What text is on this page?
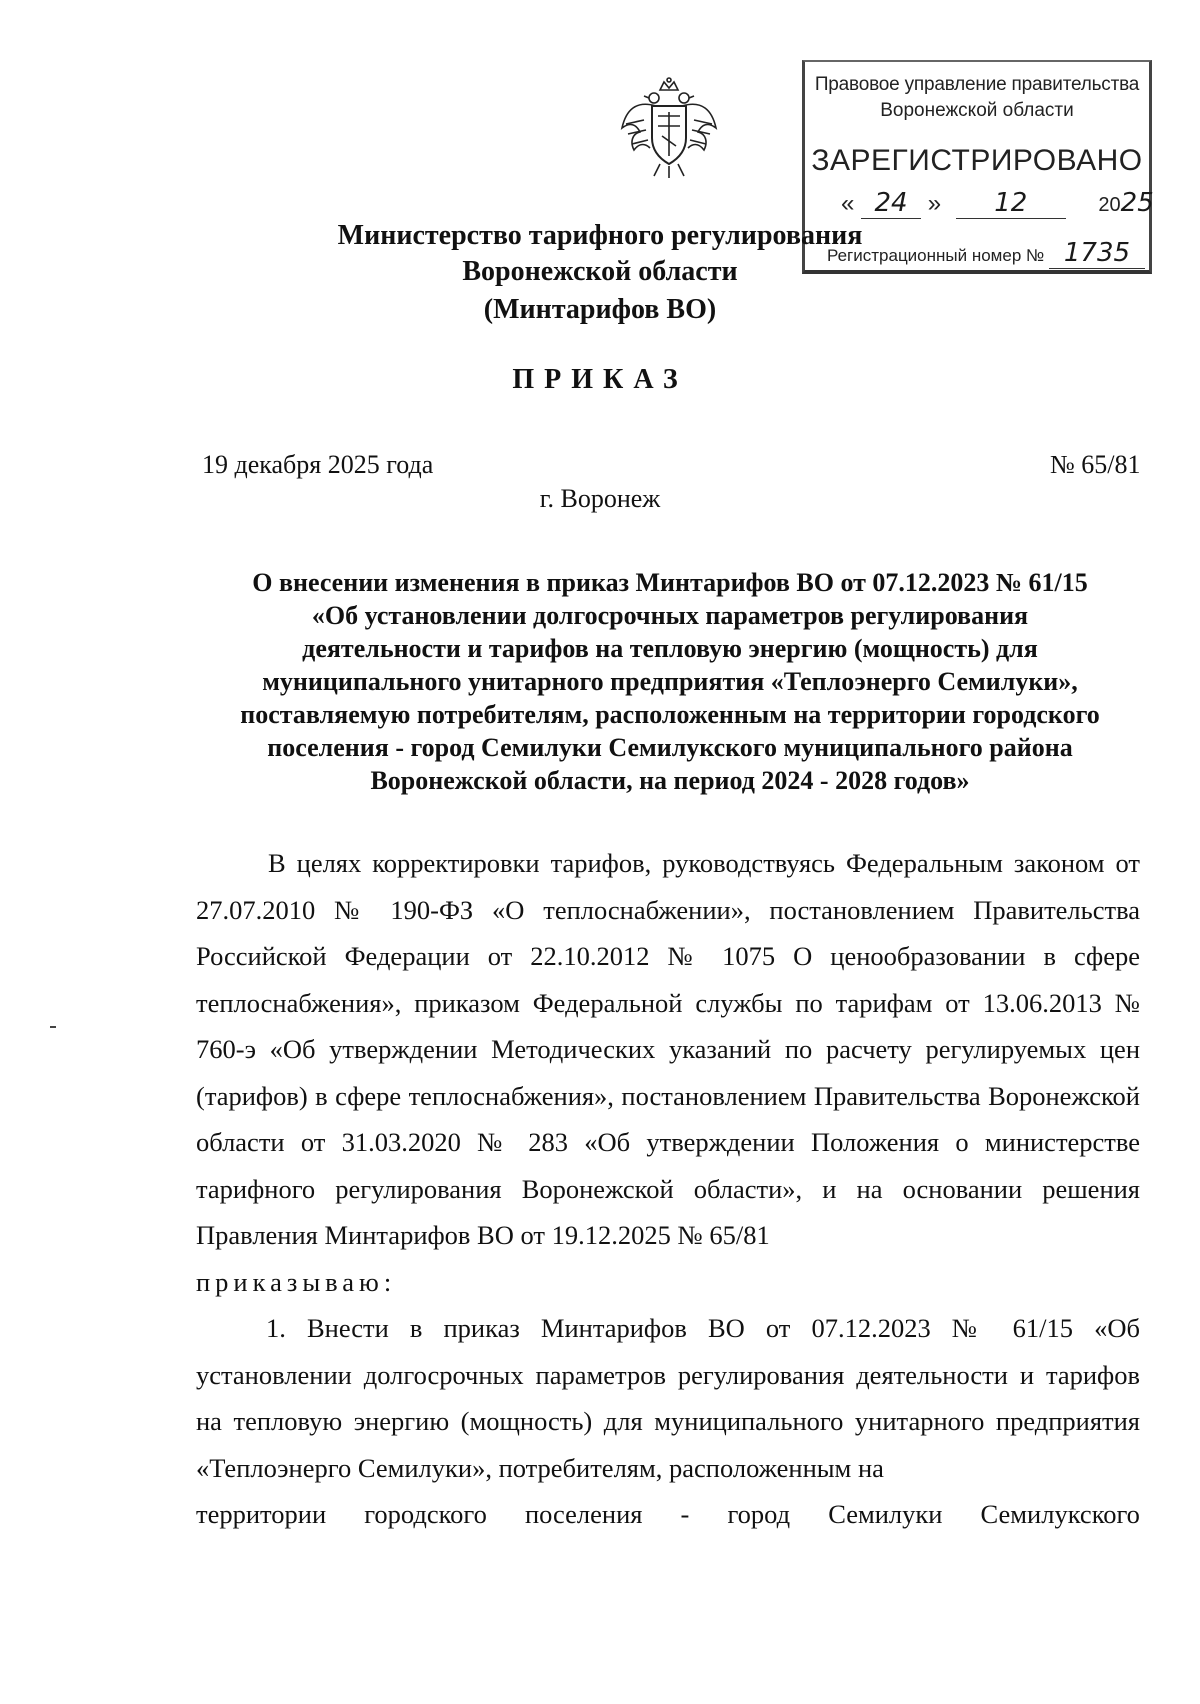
Правовое управление правительства
Воронежской области
ЗАРЕГИСТРИРОВАНО
« 24 » 12	2025
Регистрационный номер № 1735
Министерство тарифного регулирования
Воронежской области
(Минтарифов ВО)
ПРИКАЗ
19 декабря 2025 года	№ 65/81
г. Воронеж
О внесении изменения в приказ Минтарифов ВО от 07.12.2023 № 61/15
«Об установлении долгосрочных параметров регулирования
деятельности и тарифов на тепловую энергию (мощность) для
муниципального унитарного предприятия «Теплоэнерго Семилуки»,
поставляемую потребителям, расположенным на территории городского
поселения - город Семилуки Семилукского муниципального района
Воронежской области, на период 2024 - 2028 годов»

В целях корректировки тарифов, руководствуясь Федеральным законом от 27.07.2010 № 190-ФЗ «О теплоснабжении», постановлением Правительства Российской Федерации от 22.10.2012 № 1075 О ценообразовании в сфере теплоснабжения», приказом Федеральной службы по тарифам от 13.06.2013 № 760-э «Об утверждении Методических указаний по расчету регулируемых цен (тарифов) в сфере теплоснабжения», постановлением Правительства Воронежской области от 31.03.2020 № 283 «Об утверждении Положения о министерстве тарифного регулирования Воронежской области», и на основании решения Правления Минтарифов ВО от 19.12.2025 № 65/81

приказываю:

1. Внести в приказ Минтарифов ВО от 07.12.2023 № 61/15 «Об установлении долгосрочных параметров регулирования деятельности и тарифов на тепловую энергию (мощность) для муниципального унитарного предприятия «Теплоэнерго Семилуки», потребителям, расположенным на

территории городского поселения - город Семилуки Семилукского
